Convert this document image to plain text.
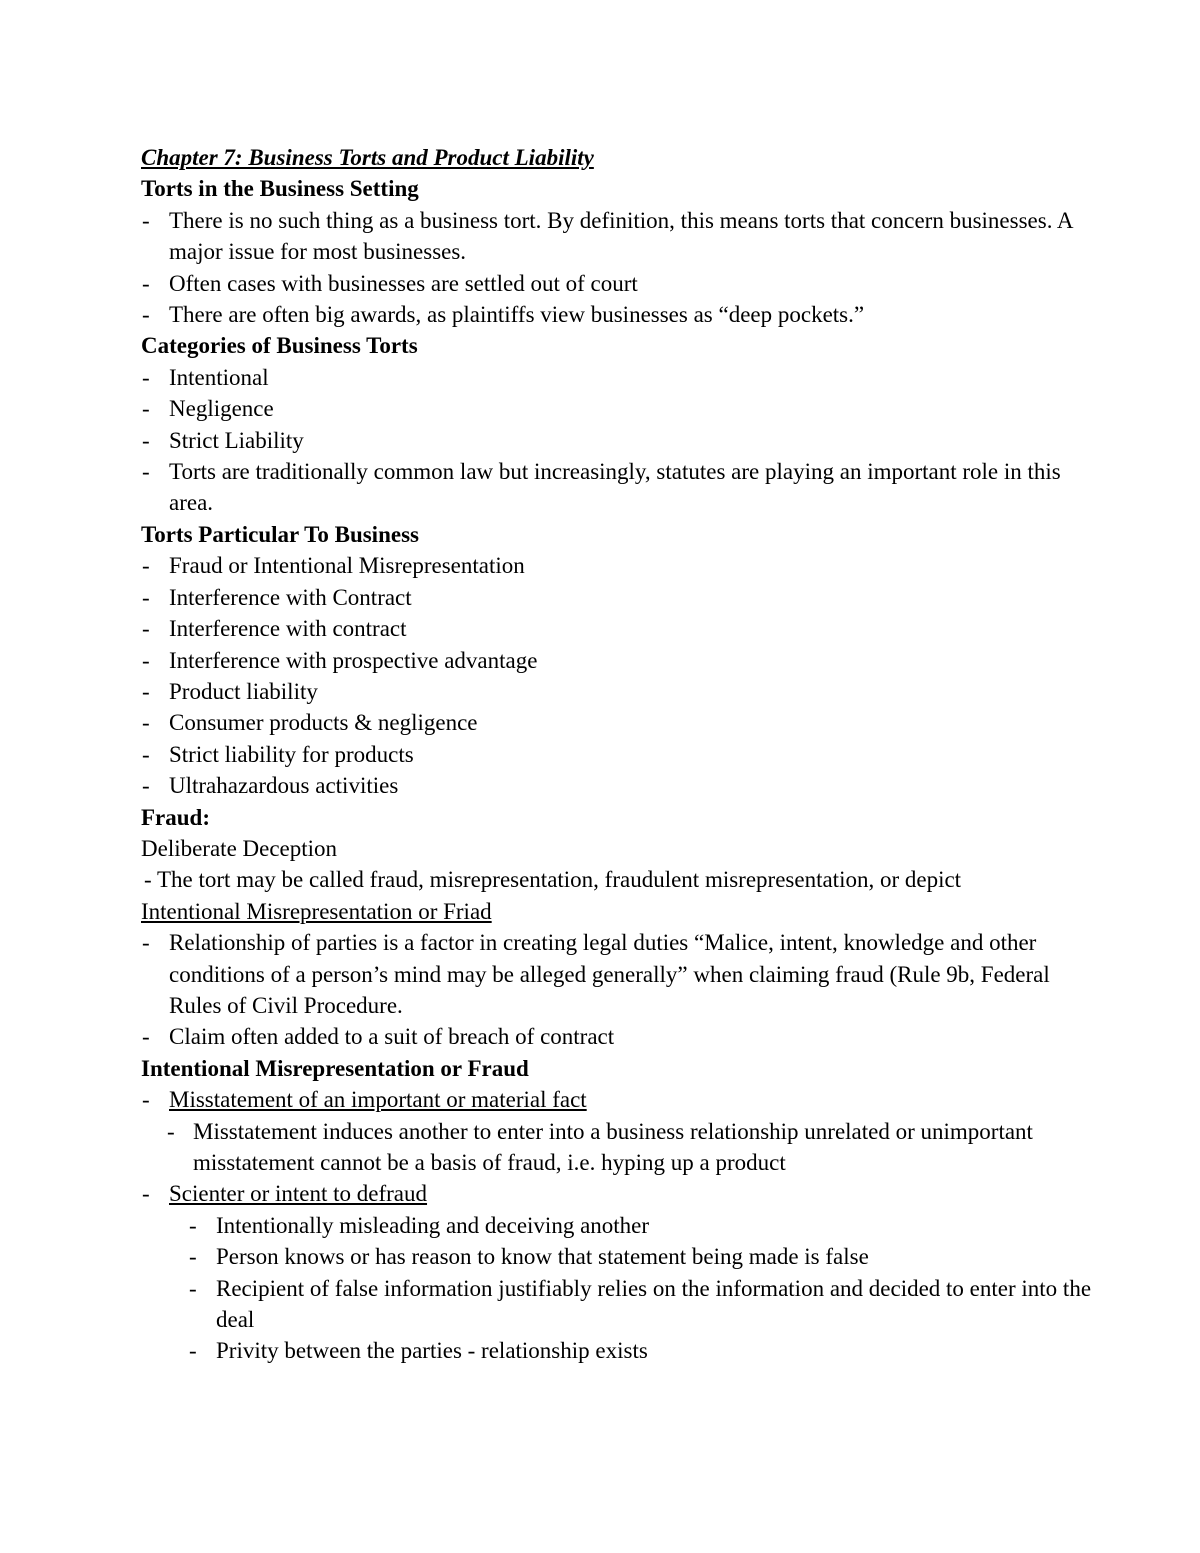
Chapter 7: Business Torts and Product Liability
Torts in the Business Setting
- There is no such thing as a business tort. By definition, this means torts that concern businesses. A major issue for most businesses.
- Often cases with businesses are settled out of court
- There are often big awards, as plaintiffs view businesses as “deep pockets.”
Categories of Business Torts
- Intentional
- Negligence
- Strict Liability
- Torts are traditionally common law but increasingly, statutes are playing an important role in this area.
Torts Particular To Business
- Fraud or Intentional Misrepresentation
- Interference with Contract
- Interference with contract
- Interference with prospective advantage
- Product liability
- Consumer products & negligence
- Strict liability for products
- Ultrahazardous activities
Fraud:
Deliberate Deception
- The tort may be called fraud, misrepresentation, fraudulent misrepresentation, or depict
Intentional Misrepresentation or Friad
- Relationship of parties is a factor in creating legal duties “Malice, intent, knowledge and other conditions of a person’s mind may be alleged generally” when claiming fraud (Rule 9b, Federal Rules of Civil Procedure.
- Claim often added to a suit of breach of contract
Intentional Misrepresentation or Fraud
- Misstatement of an important or material fact
- Misstatement induces another to enter into a business relationship unrelated or unimportant misstatement cannot be a basis of fraud, i.e. hyping up a product
- Scienter or intent to defraud
- Intentionally misleading and deceiving another
- Person knows or has reason to know that statement being made is false
- Recipient of false information justifiably relies on the information and decided to enter into the deal
- Privity between the parties - relationship exists
